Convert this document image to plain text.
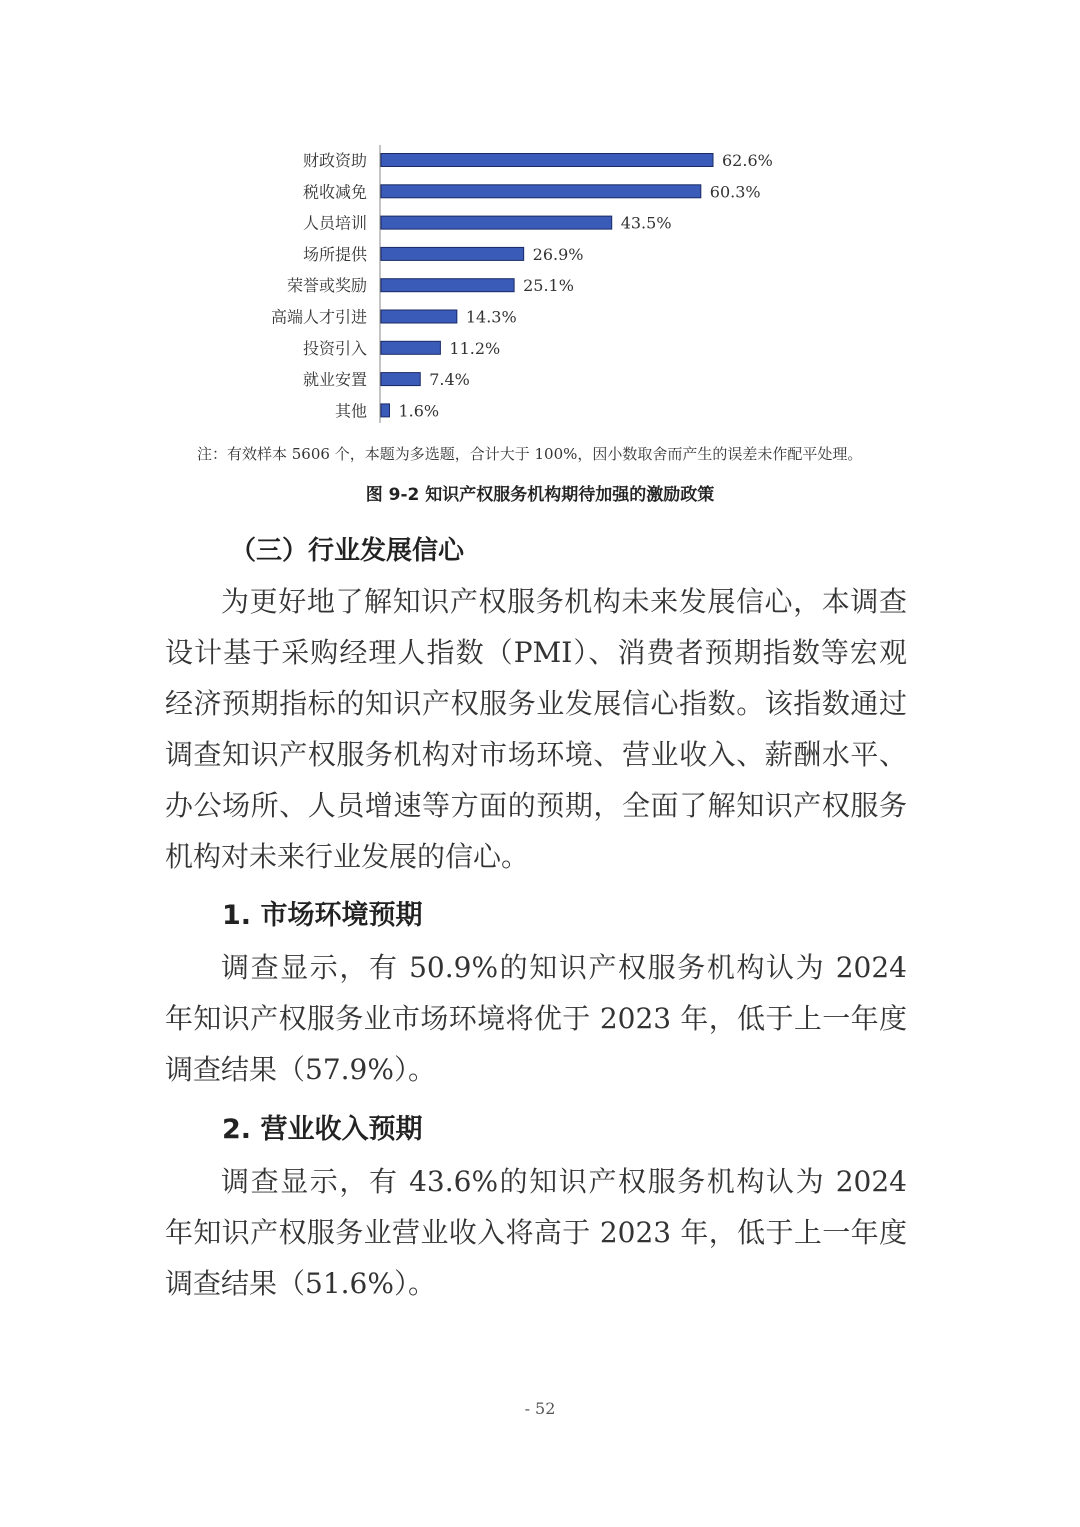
财政资助	62.6%
税收减免	60.3%
人员培训	43.5%
场所提供	26.9%
荣誉或奖励	25.1%
高端人才引进	14.3%
投资引入	11.2%
就业安置	7.4%
其他 1.6%
注：有效样本 5606 个，本题为多选题，合计大于 100%，因小数取舍而产生的误差未作配平处理。
图 9-2 知识产权服务机构期待加强的激励政策
（三）行业发展信心

为更好地了解知识产权服务机构未来发展信心，本调查设计基于采购经理人指数（PMI）、消费者预期指数等宏观经济预期指标的知识产权服务业发展信心指数。该指数通过调查知识产权服务机构对市场环境、营业收入、薪酬水平、办公场所、人员增速等方面的预期，全面了解知识产权服务机构对未来行业发展的信心。

1. 市场环境预期

调查显示，有 50.9%的知识产权服务机构认为 2024 年知识产权服务业市场环境将优于 2023 年，低于上一年度调查结果（57.9%）。

2. 营业收入预期

调查显示，有 43.6%的知识产权服务机构认为 2024 年知识产权服务业营业收入将高于 2023 年，低于上一年度调查结果（51.6%）。

- 52
